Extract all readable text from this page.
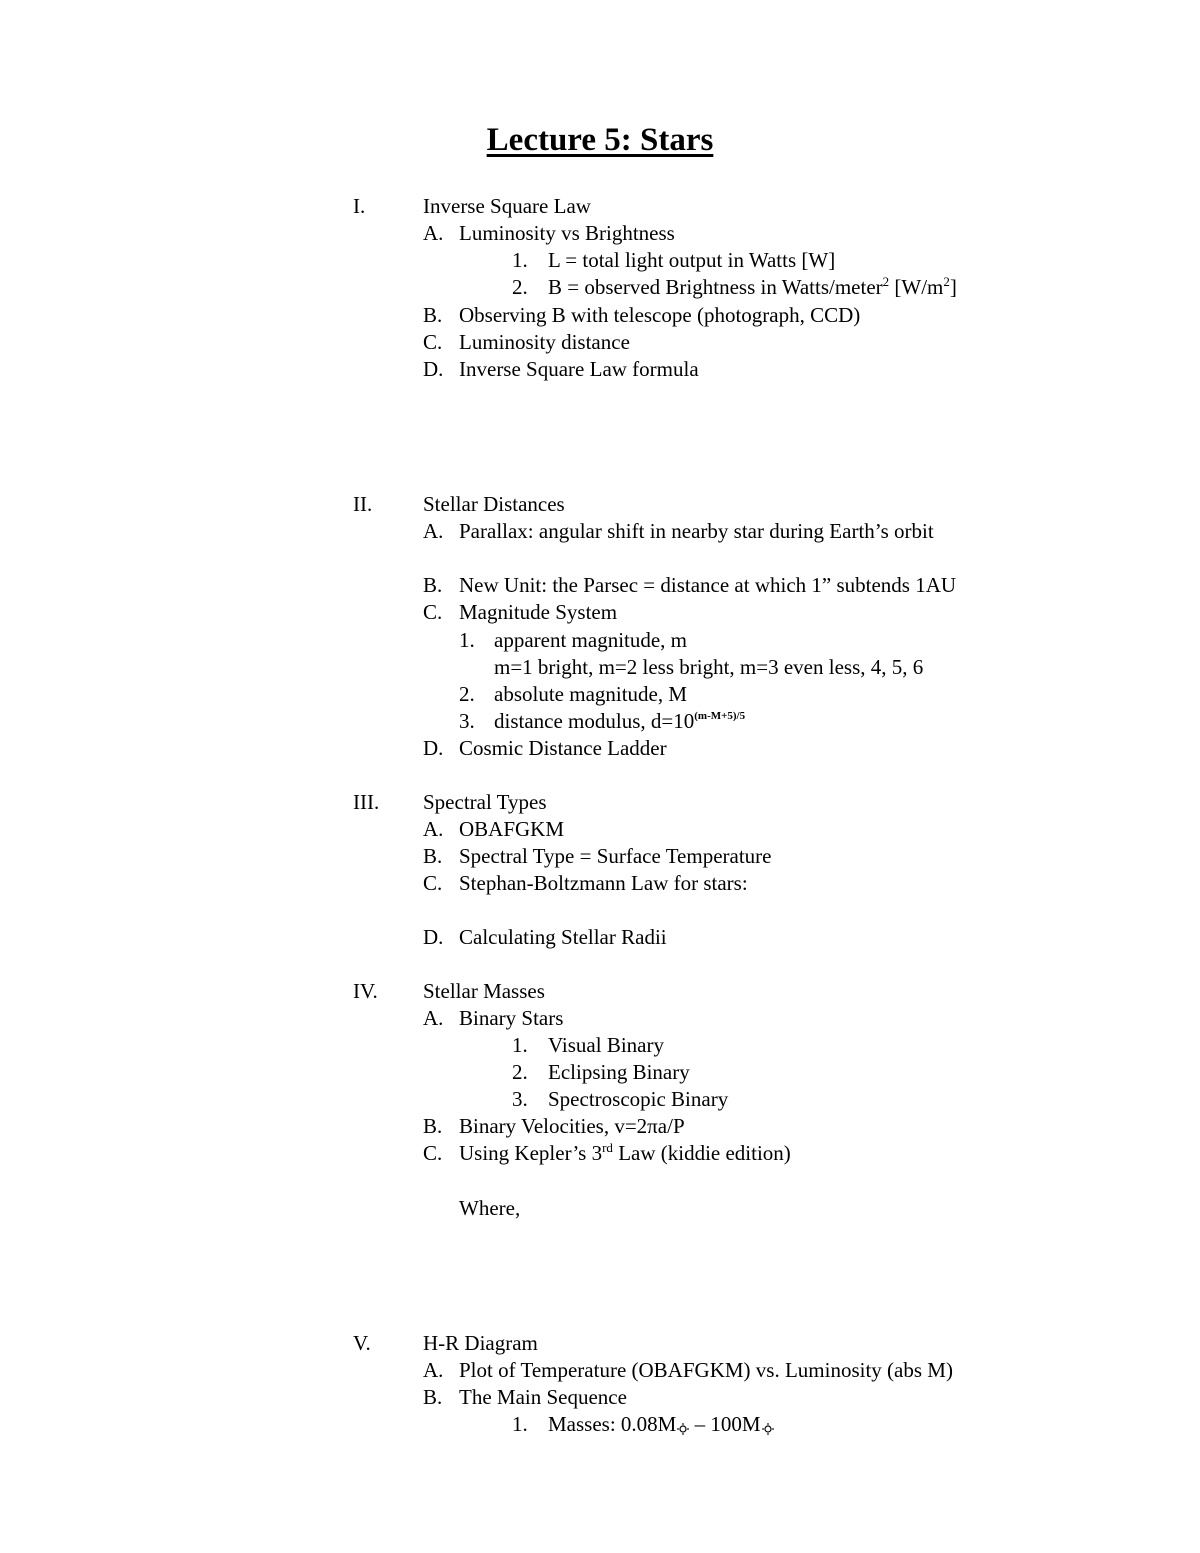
Lecture 5: Stars
I.	Inverse Square Law
A. Luminosity vs Brightness
1. L = total light output in Watts [W]
2. B = observed Brightness in Watts/meter$^2$ $[W/m^2]$
B. Observing B with telescope (photograph, CCD)
C. Luminosity distance
D. Inverse Square Law formula
II. Stellar Distances
A. Parallax: angular shift in nearby star during Earth’s orbit
B. New Unit: the Parsec = distance at which 1” subtends 1AU
C. Magnitude System
1. apparent magnitude, m
m=1 bright, m=2 less bright, m=3 even less, 4, 5, 6
2. absolute magnitude, M
3. distance modulus, $d=10^{(m-M+5)/5}$
D. Cosmic Distance Ladder
III. Spectral Types
A. OBAFGKM
B. Spectral Type = Surface Temperature
C. Stephan-Boltzmann Law for stars:
D. Calculating Stellar Radii
IV. Stellar Masses
A. Binary Stars
1. Visual Binary
2. Eclipsing Binary
3. Spectroscopic Binary
B. Binary Velocities, v=2πa/P
C. Using Kepler’s 3rd Law (kiddie edition)
Where,
V. H-R Diagram
A. Plot of Temperature (OBAFGKM) vs. Luminosity (abs M)
B. The Main Sequence
1. Masses: 0.08M
– 100M
